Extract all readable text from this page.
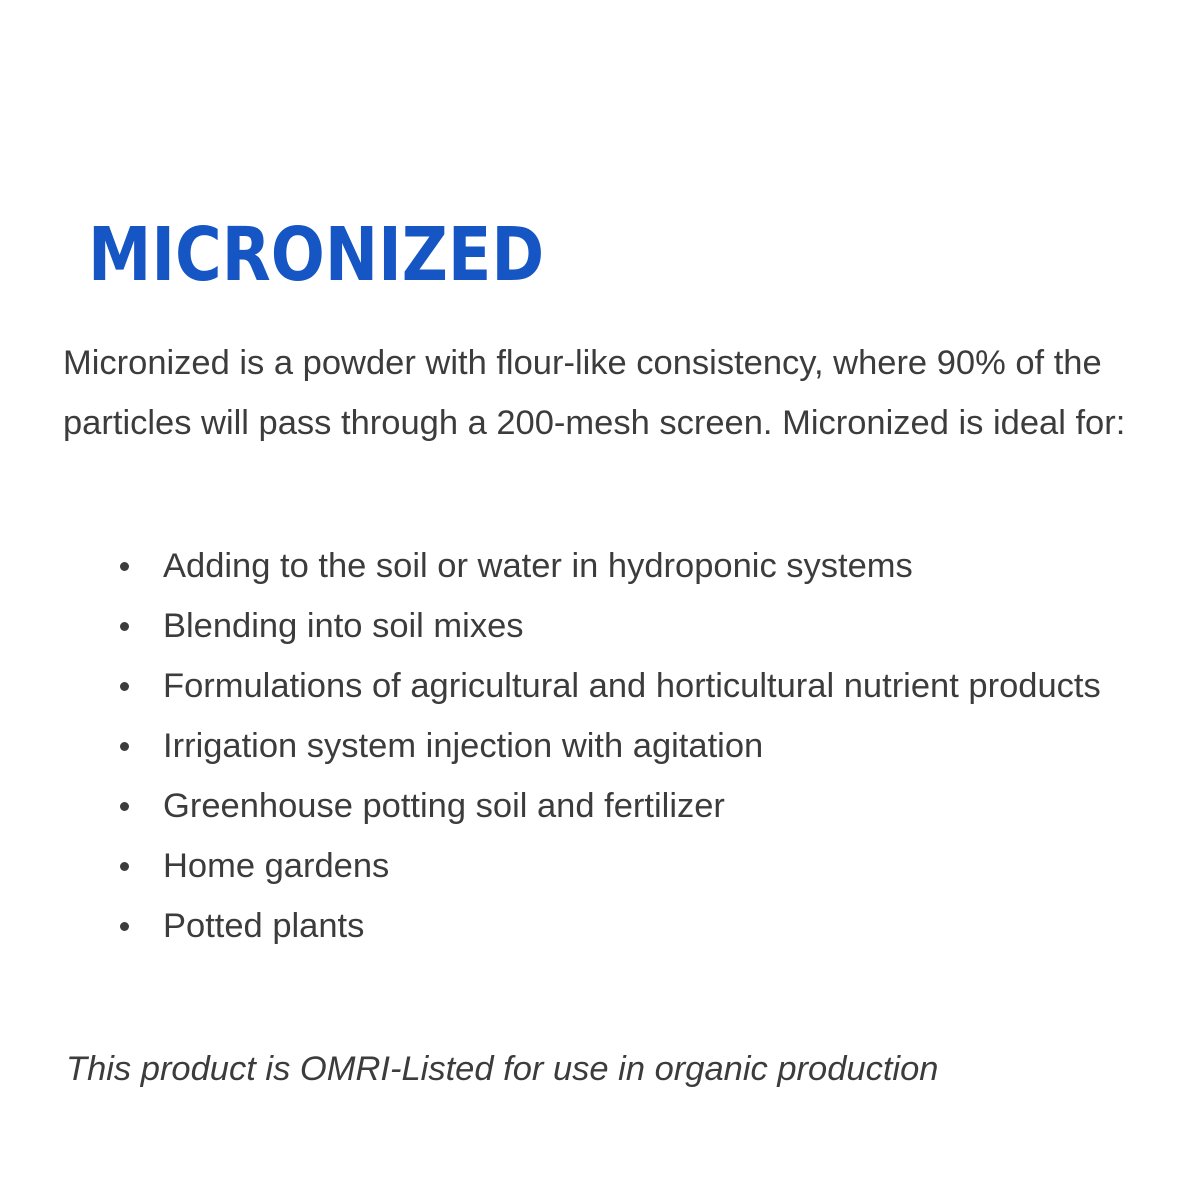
MICRONIZED

Micronized is a powder with flour-like consistency, where 90% of the particles will pass through a 200-mesh screen. Micronized is ideal for:

Adding to the soil or water in hydroponic systems
Blending into soil mixes
Formulations of agricultural and horticultural nutrient products
Irrigation system injection with agitation
Greenhouse potting soil and fertilizer
Home gardens
Potted plants

This product is OMRI-Listed for use in organic production
